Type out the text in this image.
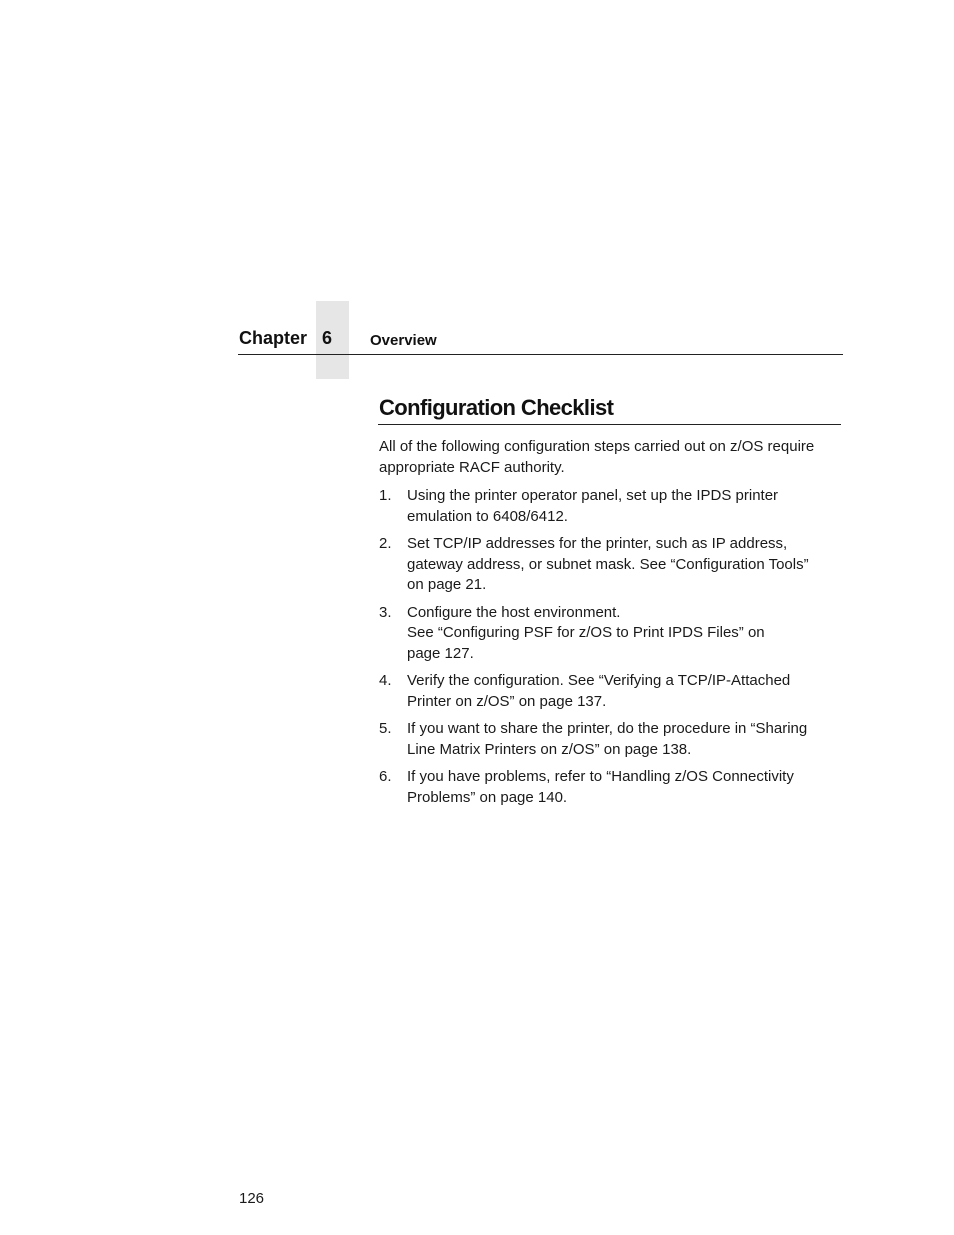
Chapter 6	Overview
Configuration Checklist

All of the following configuration steps carried out on z/OS require appropriate RACF authority.

1.	Using the printer operator panel, set up the IPDS printer
emulation to 6408/6412.
2.	Set TCP/IP addresses for the printer, such as IP address,
gateway address, or subnet mask. See “Configuration Tools”
on page 21.
3.	Configure the host environment.
See “Configuring PSF for z/OS to Print IPDS Files” on
page 127.
4.	Verify the configuration. See “Verifying a TCP/IP-Attached
Printer on z/OS” on page 137.
5.	If you want to share the printer, do the procedure in “Sharing
Line Matrix Printers on z/OS” on page 138.
6.	If you have problems, refer to “Handling z/OS Connectivity
Problems” on page 140.
126
